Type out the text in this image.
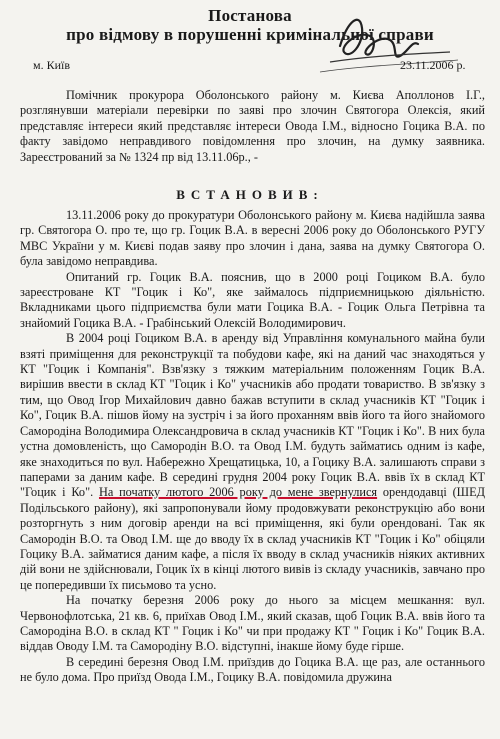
Постанова
про відмову в порушенні кримінальної справи
м. Київ	23.11.2006 р.

Помічник прокурора Оболонського району м. Києва Аполлонов І.Г., розглянувши матеріали перевірки по заяві про злочин Святогора Олексія, який представляє інтереси який представляє інтереси Овода І.М., відносно Гоцика В.А. по факту завідомо неправдивого повідомлення про злочин, на думку заявника. Зареєстрований за № 1324 пр від 13.11.06р., -

ВСТАНОВИВ:

13.11.2006 року до прокуратури Оболонського району м. Києва надійшла заява гр. Святогора О. про те, що гр. Гоцик В.А. в вересні 2006 року до Оболонського РУГУ МВС України у м. Києві подав заяву про злочин і дана, заява на думку Святогора О. була завідомо неправдива.

Опитаний гр. Гоцик В.А. пояснив, що в 2000 році Гоциком В.А. було зареєстроване КТ "Гоцик і Ко", яке займалось підприємницькою діяльністю. Вкладниками цього підприємства були мати Гоцика В.А. - Гоцик Ольга Петрівна та знайомий Гоцика В.А. - Грабінський Олексій Володимирович.

В 2004 році Гоциком В.А. в аренду від Управління комунального майна були взяті приміщення для реконструкції та побудови кафе, які на даний час знаходяться у КТ "Гоцик і Компанія". Взв'язку з тяжким матеріальним положенням Гоцик В.А. вирішив ввести в склад КТ "Гоцик і Ко" учасників або продати товариство. В зв'язку з тим, що Овод Ігор Михайлович давно бажав вступити в склад учасників КТ "Гоцик і Ко", Гоцик В.А. пішов йому на зустріч і за його проханням ввів його та його знайомого Самородіна Володимира Олександровича в склад учасників КТ "Гоцик і Ко". В них була устна домовленість, що Самородін В.О. та Овод І.М. будуть займатись одним із кафе, яке знаходиться по вул. Набережно Хрещатицька, 10, а Гоцику В.А. залишають справи з паперами за даним кафе. В середині грудня 2004 року Гоцик В.А. ввів їх в склад КТ "Гоцик і Ко". На початку лютого 2006 року до мене звернулися орендодавці (ШЕД Подільського району), які запропонували йому продовжувати реконструкцію або вони розторгнуть з ним договір аренди на всі приміщення, які були орендовані. Так як Самородін В.О. та Овод І.М. ще до вводу їх в склад учасників КТ "Гоцик і Ко" обіцяли Гоцику В.А. займатися даним кафе, а після їх вводу в склад учасників ніяких активних дій вони не здійснювали, Гоцик їх в кінці лютого вивів із складу учасників, завчано про це попередивши їх письмово та усно.

На початку березня 2006 року до нього за місцем мешкання: вул. Червонофлотська, 21 кв. 6, приїхав Овод І.М., який сказав, щоб Гоцик В.А. ввів його та Самородіна В.О. в склад КТ " Гоцик і Ко" чи при продажу КТ " Гоцик і Ко" Гоцик В.А. віддав Оводу І.М. та Самородіну В.О. відступні, інакше йому буде гірше.

В середині березня Овод І.М. приїздив до Гоцика В.А. ще раз, але останнього не було дома. Про приїзд Овода І.М., Гоцику В.А. повідомила дружина
